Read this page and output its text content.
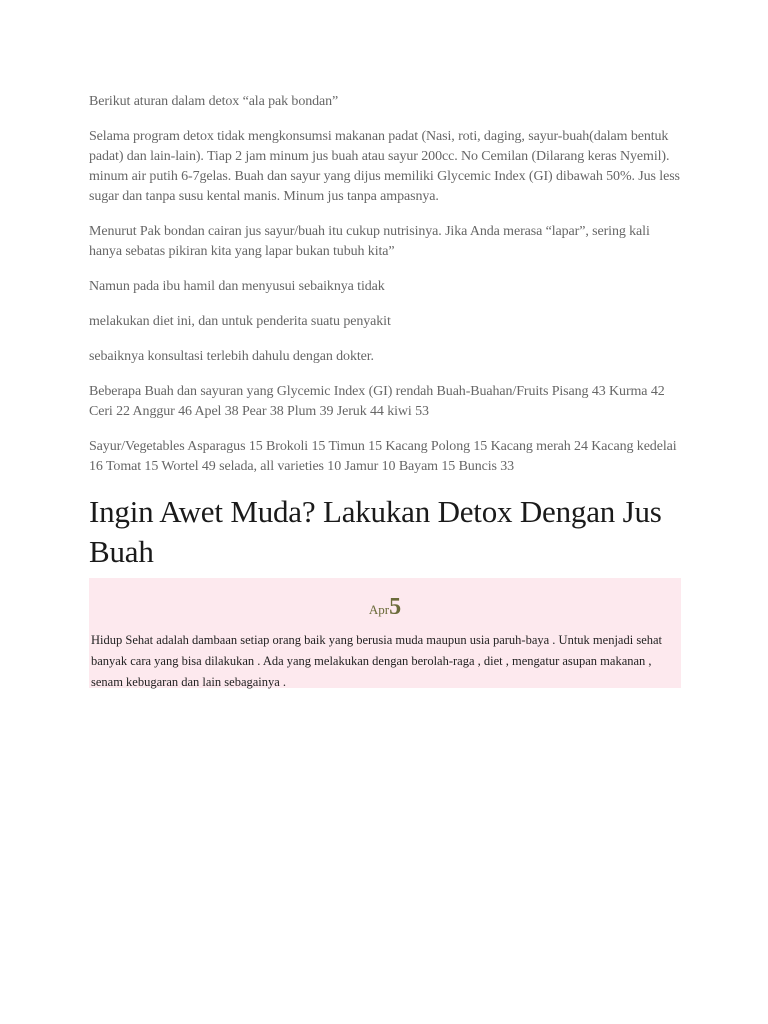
Berikut aturan dalam detox “ala pak bondan”

Selama program detox tidak mengkonsumsi makanan padat (Nasi, roti, daging, sayur-buah(dalam bentuk padat) dan lain-lain). Tiap 2 jam minum jus buah atau sayur 200cc. No Cemilan (Dilarang keras Nyemil). minum air putih 6-7gelas. Buah dan sayur yang dijus memiliki Glycemic Index (GI) dibawah 50%. Jus less sugar dan tanpa susu kental manis. Minum jus tanpa ampasnya.

Menurut Pak bondan cairan jus sayur/buah itu cukup nutrisinya. Jika Anda merasa “lapar”, sering kali hanya sebatas pikiran kita yang lapar bukan tubuh kita”

Namun pada ibu hamil dan menyusui sebaiknya tidak

melakukan diet ini, dan untuk penderita suatu penyakit

sebaiknya konsultasi terlebih dahulu dengan dokter.

Beberapa Buah dan sayuran yang Glycemic Index (GI) rendah Buah-Buahan/Fruits Pisang 43 Kurma 42 Ceri 22 Anggur 46 Apel 38 Pear 38 Plum 39 Jeruk 44 kiwi 53

Sayur/Vegetables Asparagus 15 Brokoli 15 Timun 15 Kacang Polong 15 Kacang merah 24 Kacang kedelai 16 Tomat 15 Wortel 49 selada, all varieties 10 Jamur 10 Bayam 15 Buncis 33

Ingin Awet Muda? Lakukan Detox Dengan Jus Buah
Apr5
Hidup Sehat adalah dambaan setiap orang baik yang berusia muda maupun usia paruh-baya . Untuk menjadi sehat banyak cara yang bisa dilakukan . Ada yang melakukan dengan berolah-raga , diet , mengatur asupan makanan , senam kebugaran dan lain sebagainya .
